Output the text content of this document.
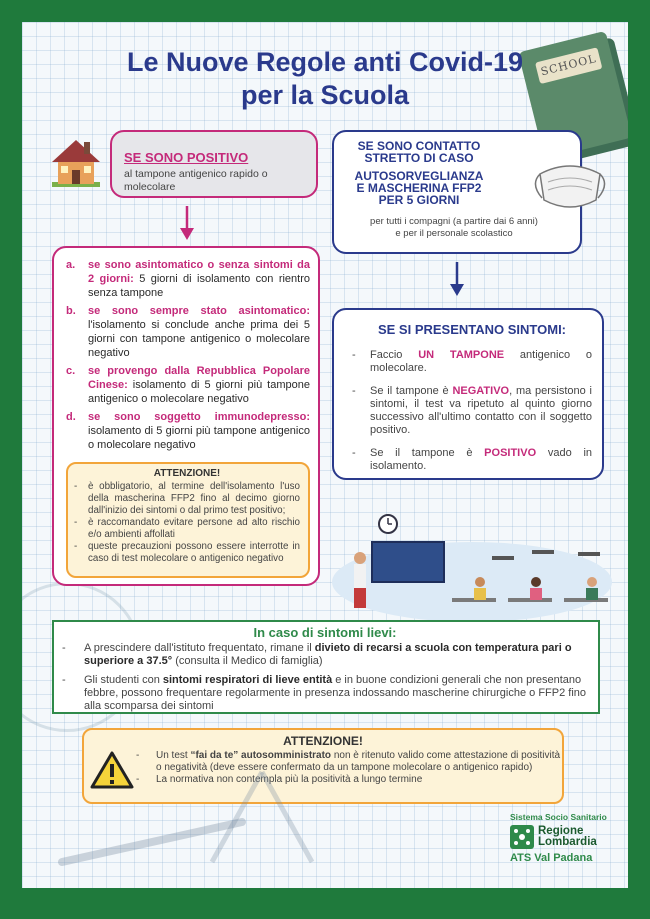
SCHOOL
Le Nuove Regole anti Covid-19
per la Scuola
SE SONO POSITIVO
al tampone antigenico rapido o molecolare
a.	se sono asintomatico o senza sintomi da 2 giorni: 5 giorni di isolamento con rientro senza tampone
b.	se sono sempre stato asintomatico: l'isolamento si conclude anche prima dei 5 giorni con tampone antigenico o molecolare negativo
c.	se provengo dalla Repubblica Popolare Cinese: isolamento di 5 giorni più tampone antigenico o molecolare negativo
d.	se sono soggetto immunodepresso: isolamento di 5 giorni più tampone antigenico o molecolare negativo
ATTENZIONE!
-	è obbligatorio, al termine dell'isolamento l'uso della mascherina FFP2 fino al decimo giorno dall'inizio dei sintomi o dal primo test positivo;
-	è raccomandato evitare persone ad alto rischio e/o ambienti affollati
-	queste precauzioni possono essere interrotte in caso di test molecolare o antigenico negativo
SE SONO CONTATTO
STRETTO DI CASO
AUTOSORVEGLIANZA
E MASCHERINA FFP2
PER 5 GIORNI
per tutti i compagni (a partire dai 6 anni)
e per il personale scolastico
SE SI PRESENTANO SINTOMI:
-	Faccio UN TAMPONE antigenico o molecolare.
-	Se il tampone è NEGATIVO, ma persistono i sintomi, il test va ripetuto al quinto giorno successivo all'ultimo contatto con il soggetto positivo.
-	Se il tampone è POSITIVO vado in isolamento.
In caso di sintomi lievi:
-	A prescindere dall'istituto frequentato, rimane il divieto di recarsi a scuola con temperatura pari o superiore a 37.5° (consulta il Medico di famiglia)
-	Gli studenti con sintomi respiratori di lieve entità e in buone condizioni generali che non presentano febbre, possono frequentare regolarmente in presenza indossando mascherine chirurgiche o FFP2 fino alla scomparsa dei sintomi
ATTENZIONE!
-	Un test “fai da te” autosomministrato non è ritenuto valido come attestazione di positività o negatività (deve essere confermato da un tampone molecolare o antigenico rapido)
-	La normativa non contempla più la positività a lungo termine
Sistema Socio Sanitario
Regione
Lombardia
ATS Val Padana
